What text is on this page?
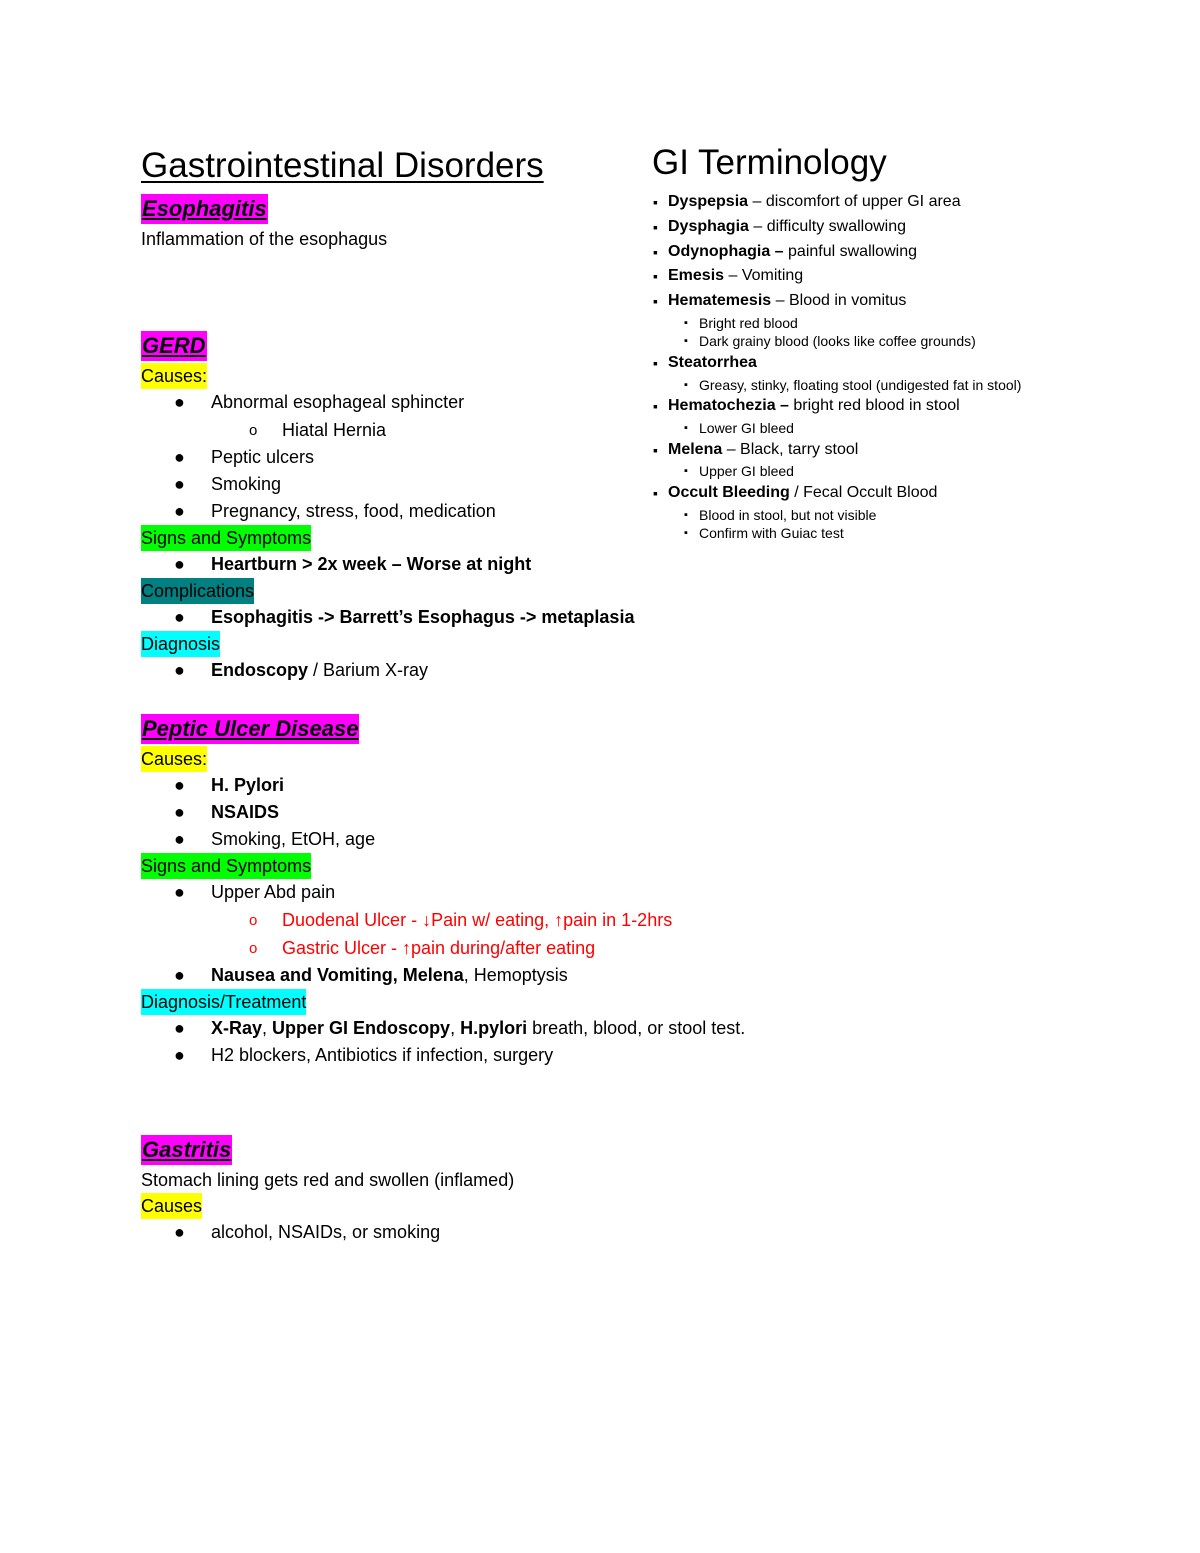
Gastrointestinal Disorders
Esophagitis
Inflammation of the esophagus
GERD
Causes:
● Abnormal esophageal sphincter
o Hiatal Hernia
● Peptic ulcers
● Smoking
● Pregnancy, stress, food, medication
Signs and Symptoms
● Heartburn > 2x week – Worse at night
Complications
● Esophagitis -> Barrett’s Esophagus -> metaplasia
Diagnosis
● Endoscopy / Barium X-ray
Peptic Ulcer Disease
Causes:
● H. Pylori
● NSAIDS
● Smoking, EtOH, age
Signs and Symptoms
● Upper Abd pain
o Duodenal Ulcer - ↓Pain w/ eating, ↑pain in 1-2hrs
o Gastric Ulcer - ↑pain during/after eating
● Nausea and Vomiting, Melena, Hemoptysis
Diagnosis/Treatment
● X-Ray, Upper GI Endoscopy, H.pylori breath, blood, or stool test.
● H2 blockers, Antibiotics if infection, surgery
Gastritis
Stomach lining gets red and swollen (inflamed)
Causes
● alcohol, NSAIDs, or smoking
GI Terminology
▪ Dyspepsia – discomfort of upper GI area
▪ Dysphagia – difficulty swallowing
▪ Odynophagia – painful swallowing
▪ Emesis – Vomiting
▪ Hematemesis – Blood in vomitus
▪ Bright red blood
▪ Dark grainy blood (looks like coffee grounds)
▪ Steatorrhea
▪ Greasy, stinky, floating stool (undigested fat in stool)
▪ Hematochezia – bright red blood in stool
▪ Lower GI bleed
▪ Melena – Black, tarry stool
▪ Upper GI bleed
▪ Occult Bleeding / Fecal Occult Blood
▪ Blood in stool, but not visible
▪ Confirm with Guiac test
